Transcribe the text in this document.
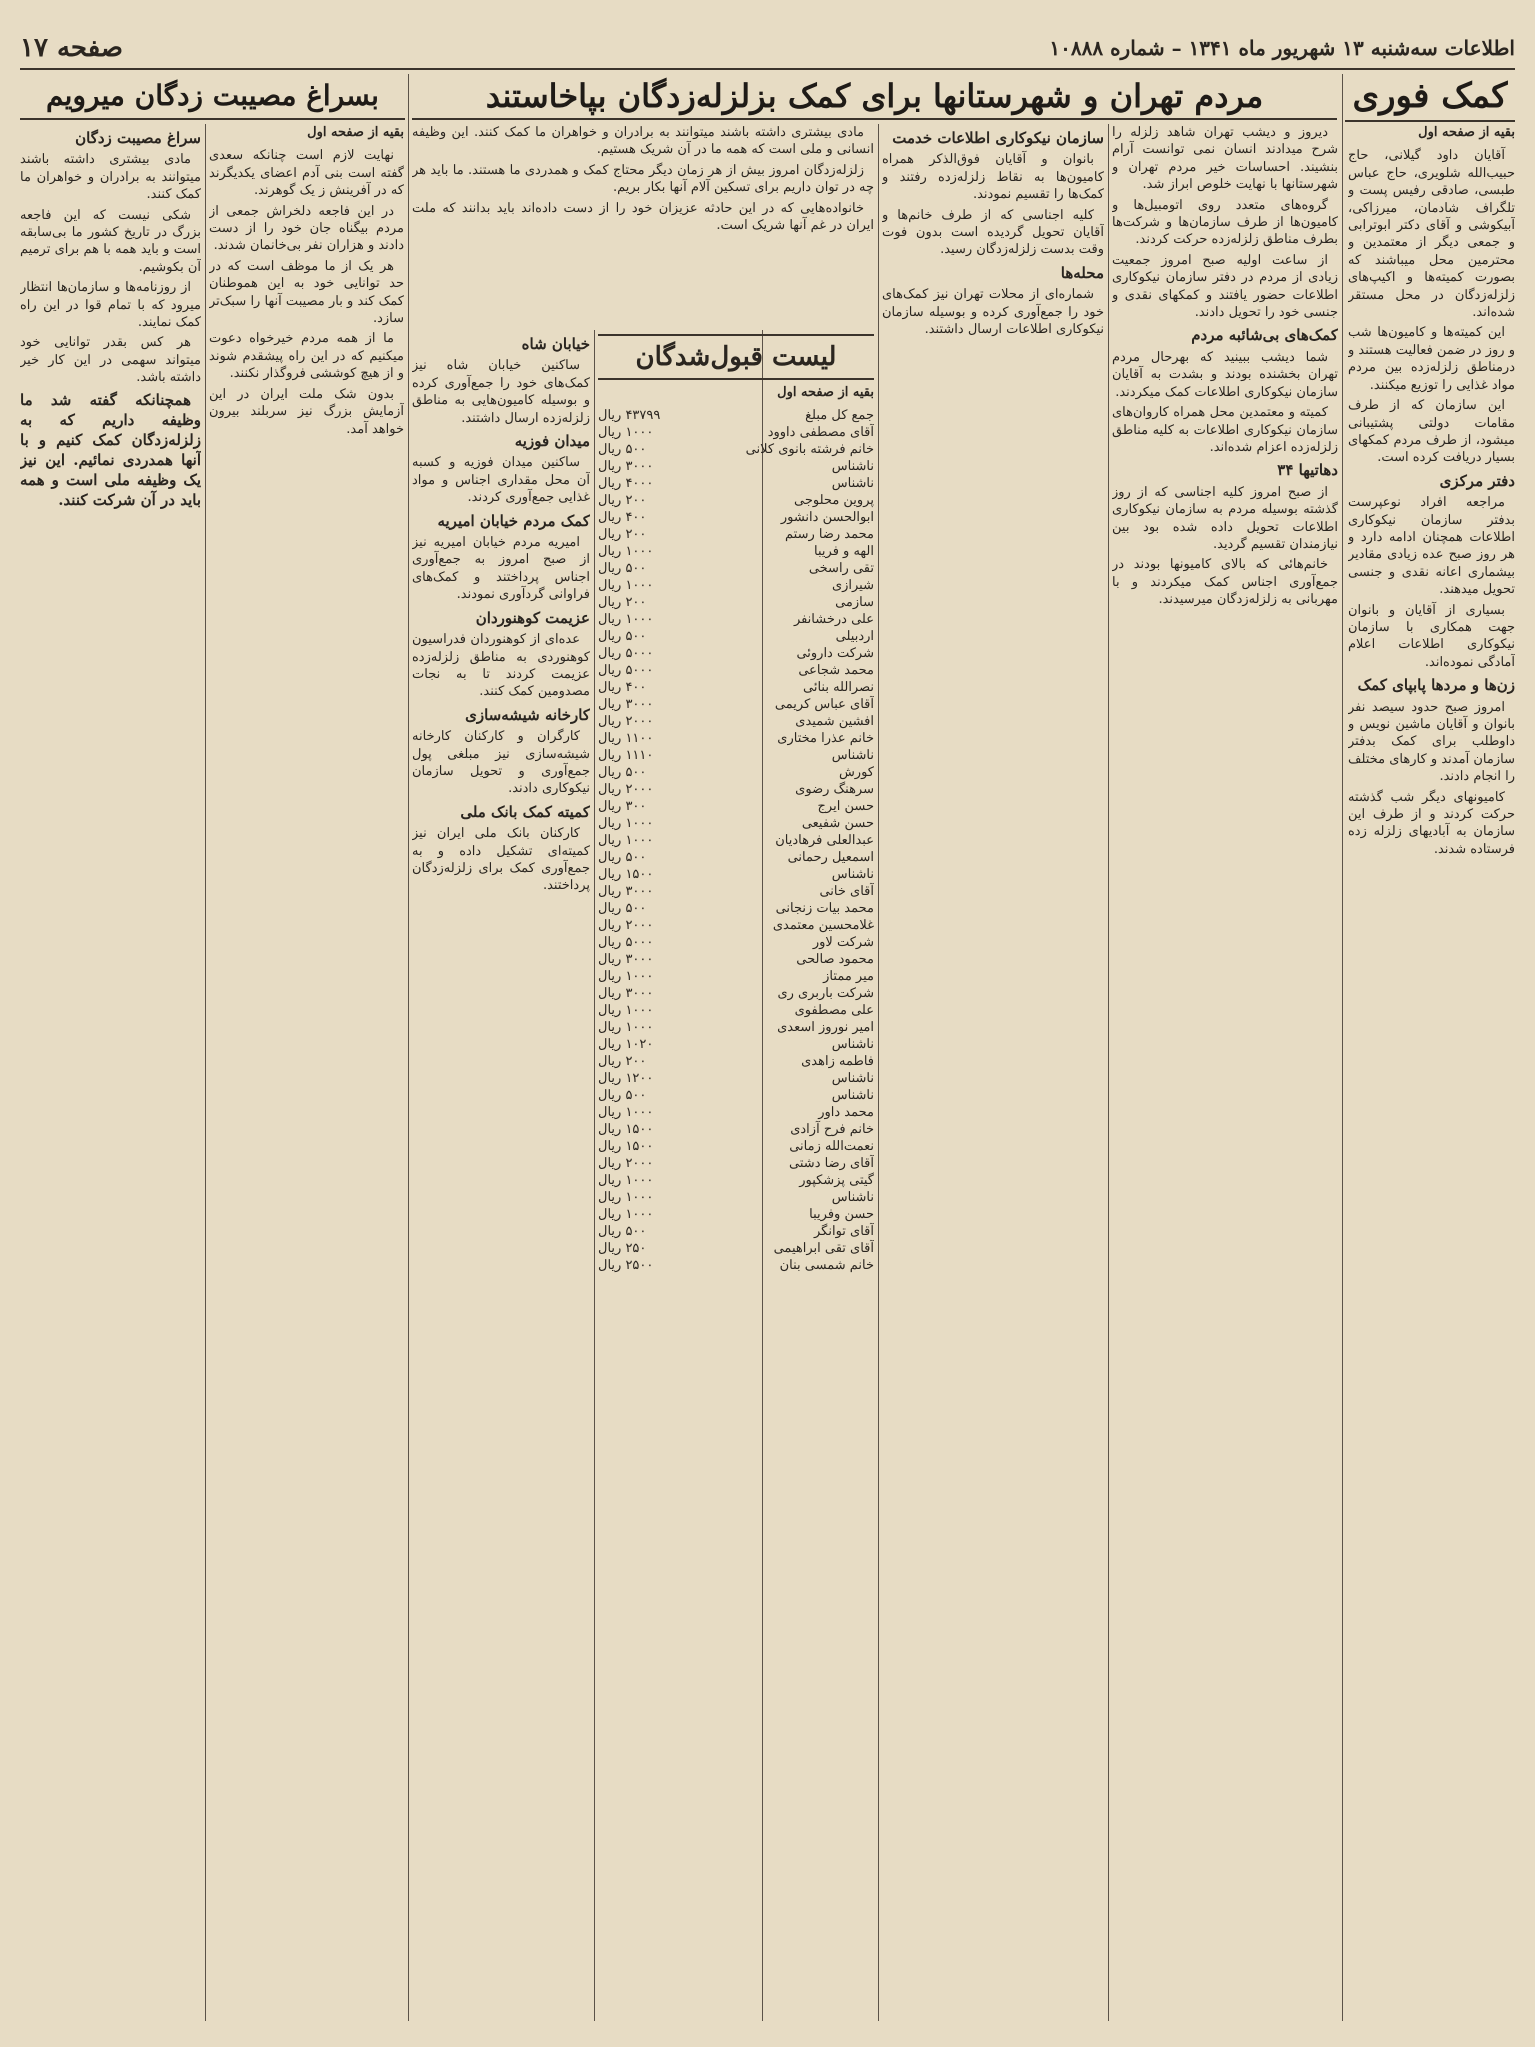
اطلاعات سه‌شنبه ۱۳ شهریور ماه ۱۳۴۱ – شماره ۱۰۸۸۸
صفحه ۱۷
کمک فوری
مردم تهران و شهرستانها برای کمک بزلزله‌زدگان بپاخاستند
بسراغ مصیبت زدگان میرویم
بقیه از صفحه اول

آقایان داود گیلانی، حاج حبیب‌الله شلویری، حاج عباس طبسی، صادقی رفیس پست و تلگراف شادمان، میرزاکی، آبیکوشی و آقای دکتر ابوترابی و جمعی دیگر از معتمدین و محترمین محل میباشند که بصورت کمیته‌ها و اکیپ‌های زلزله‌زدگان در محل مستقر شده‌اند.

این کمیته‌ها و کامیون‌ها شب و روز در ضمن فعالیت هستند و درمناطق زلزله‌زده بین مردم مواد غذایی را توزیع میکنند.

این سازمان که از طرف مقامات دولتی پشتیبانی میشود، از طرف مردم کمکهای بسیار دریافت کرده است.

دفتر مرکزی

مراجعه افراد نوعپرست بدفتر سازمان نیکوکاری اطلاعات همچنان ادامه دارد و هر روز صبح عده زیادی مقادیر بیشماری اعانه نقدی و جنسی تحویل میدهند.

بسیاری از آقایان و بانوان جهت همکاری با سازمان نیکوکاری اطلاعات اعلام آمادگی نموده‌اند.

زن‌ها و مردها پابپای کمک

امروز صبح حدود سیصد نفر بانوان و آقایان ماشین نویس و داوطلب برای کمک بدفتر سازمان آمدند و کارهای مختلف را انجام دادند.

کامیونهای دیگر شب گذشته حرکت کردند و از طرف این سازمان به آبادیهای زلزله زده فرستاده شدند.

دیروز و دیشب تهران شاهد زلزله را شرح میدادند انسان نمی توانست آرام بنشیند. احساسات خیر مردم تهران و شهرستانها با نهایت خلوص ابراز شد.

گروه‌های متعدد روی اتومبیل‌ها و کامیون‌ها از طرف سازمان‌ها و شرکت‌ها بطرف مناطق زلزله‌زده حرکت کردند.

از ساعت اولیه صبح امروز جمعیت زیادی از مردم در دفتر سازمان نیکوکاری اطلاعات حضور یافتند و کمکهای نقدی و جنسی خود را تحویل دادند.

کمک‌های بی‌شائبه مردم

شما دیشب ببینید که بهرحال مردم تهران بخشنده بودند و بشدت به آقایان سازمان نیکوکاری اطلاعات کمک میکردند.

کمیته و معتمدین محل همراه کاروان‌های سازمان نیکوکاری اطلاعات به کلیه مناطق زلزله‌زده اعزام شده‌اند.

دهاتیها ۳۴

از صبح امروز کلیه اجناسی که از روز گذشته بوسیله مردم به سازمان نیکوکاری اطلاعات تحویل داده شده بود بین نیازمندان تقسیم گردید.

خانم‌هائی که بالای کامیونها بودند در جمع‌آوری اجناس کمک میکردند و با مهربانی به زلزله‌زدگان میرسیدند.

سازمان نیکوکاری اطلاعات خدمت

بانوان و آقایان فوق‌الذکر همراه کامیون‌ها به نقاط زلزله‌زده رفتند و کمک‌ها را تقسیم نمودند.

کلیه اجناسی که از طرف خانم‌ها و آقایان تحویل گردیده است بدون فوت وقت بدست زلزله‌زدگان رسید.

محله‌ها

شماره‌ای از محلات تهران نیز کمک‌های خود را جمع‌آوری کرده و بوسیله سازمان نیکوکاری اطلاعات ارسال داشتند.

لیست قبول‌شدگان
بقیه از صفحه اول
جمع کل مبلغ
۴۳۷۹۹ ریال
آقای مصطفی داوود
۱۰۰۰ ریال
خانم فرشته بانوی کلانی
۵۰۰ ریال
ناشناس
۳۰۰۰ ریال
ناشناس
۴۰۰۰ ریال
پروین محلوجی
۲۰۰ ریال
ابوالحسن دانشور
۴۰۰ ریال
محمد رضا رستم
۲۰۰ ریال
الهه و فریبا
۱۰۰۰ ریال
تقی راسخی
۵۰۰ ریال
شیرازی
۱۰۰۰ ریال
سازمی
۲۰۰ ریال
علی درخشانفر
۱۰۰۰ ریال
اردبیلی
۵۰۰ ریال
شرکت داروئی
۵۰۰۰ ریال
محمد شجاعی
۵۰۰۰ ریال
نصرالله بنائی
۴۰۰ ریال
آقای عباس کریمی
۳۰۰۰ ریال
افشین شمیدی
۲۰۰۰ ریال
خانم عذرا مختاری
۱۱۰۰ ریال
ناشناس
۱۱۱۰ ریال
کورش
۵۰۰ ریال
سرهنگ رضوی
۲۰۰۰ ریال
حسن ایرج
۳۰۰ ریال
حسن شفیعی
۱۰۰۰ ریال
عبدالعلی فرهادیان
۱۰۰۰ ریال
اسمعیل رحمانی
۵۰۰ ریال
ناشناس
۱۵۰۰ ریال
آقای خانی
۳۰۰۰ ریال
محمد بیات زنجانی
۵۰۰ ریال
غلامحسین معتمدی
۲۰۰۰ ریال
شرکت لاور
۵۰۰۰ ریال
محمود صالحی
۳۰۰۰ ریال
میر ممتاز
۱۰۰۰ ریال
شرکت باربری ری
۳۰۰۰ ریال
علی مصطفوی
۱۰۰۰ ریال
امیر نوروز اسعدی
۱۰۰۰ ریال
ناشناس
۱۰۲۰ ریال
فاطمه زاهدی
۲۰۰ ریال
ناشناس
۱۲۰۰ ریال
ناشناس
۵۰۰ ریال
محمد داور
۱۰۰۰ ریال
خانم فرح آزادی
۱۵۰۰ ریال
نعمت‌الله زمانی
۱۵۰۰ ریال
آقای رضا دشتی
۲۰۰۰ ریال
گیتی پزشکپور
۱۰۰۰ ریال
ناشناس
۱۰۰۰ ریال
حسن وفریبا
۱۰۰۰ ریال
آقای توانگر
۵۰۰ ریال
آقای تقی ابراهیمی
۲۵۰ ریال
خانم شمسی بنان
۲۵۰۰ ریال

مادی بیشتری داشته باشند میتوانند به برادران و خواهران ما کمک کنند. این وظیفه انسانی و ملی است که همه ما در آن شریک هستیم.

زلزله‌زدگان امروز بیش از هر زمان دیگر محتاج کمک و همدردی ما هستند. ما باید هر چه در توان داریم برای تسکین آلام آنها بکار بریم.

خانواده‌هایی که در این حادثه عزیزان خود را از دست داده‌اند باید بدانند که ملت ایران در غم آنها شریک است.

خیابان شاه

ساکنین خیابان شاه نیز کمک‌های خود را جمع‌آوری کرده و بوسیله کامیون‌هایی به مناطق زلزله‌زده ارسال داشتند.

میدان فوزیه

ساکنین میدان فوزیه و کسبه آن محل مقداری اجناس و مواد غذایی جمع‌آوری کردند.

کمک مردم خیابان امیریه

امیریه مردم خیابان امیریه نیز از صبح امروز به جمع‌آوری اجناس پرداختند و کمک‌های فراوانی گردآوری نمودند.

عزیمت کوهنوردان

عده‌ای از کوهنوردان فدراسیون کوهنوردی به مناطق زلزله‌زده عزیمت کردند تا به نجات مصدومین کمک کنند.

کارخانه شیشه‌سازی

کارگران و کارکنان کارخانه شیشه‌سازی نیز مبلغی پول جمع‌آوری و تحویل سازمان نیکوکاری دادند.

کمیته کمک بانک ملی

کارکنان بانک ملی ایران نیز کمیته‌ای تشکیل داده و به جمع‌آوری کمک برای زلزله‌زدگان پرداختند.

بقیه از صفحه اول

نهایت لازم است چنانکه سعدی گفته است بنی آدم اعضای یکدیگرند که در آفرینش ز یک گوهرند.

در این فاجعه دلخراش جمعی از مردم بیگناه جان خود را از دست دادند و هزاران نفر بی‌خانمان شدند.

هر یک از ما موظف است که در حد توانایی خود به این هموطنان کمک کند و بار مصیبت آنها را سبک‌تر سازد.

ما از همه مردم خیرخواه دعوت میکنیم که در این راه پیشقدم شوند و از هیچ کوششی فروگذار نکنند.

بدون شک ملت ایران در این آزمایش بزرگ نیز سربلند بیرون خواهد آمد.

سراغ مصیبت زدگان

مادی بیشتری داشته باشند میتوانند به برادران و خواهران ما کمک کنند.

شکی نیست که این فاجعه بزرگ در تاریخ کشور ما بی‌سابقه است و باید همه با هم برای ترمیم آن بکوشیم.

از روزنامه‌ها و سازمان‌ها انتظار میرود که با تمام قوا در این راه کمک نمایند.

هر کس بقدر توانایی خود میتواند سهمی در این کار خیر داشته باشد.

همچنانکه گفته شد ما وظیفه داریم که به زلزله‌زدگان کمک کنیم و با آنها همدردی نمائیم. این نیز یک وظیفه ملی است و همه باید در آن شرکت کنند.
